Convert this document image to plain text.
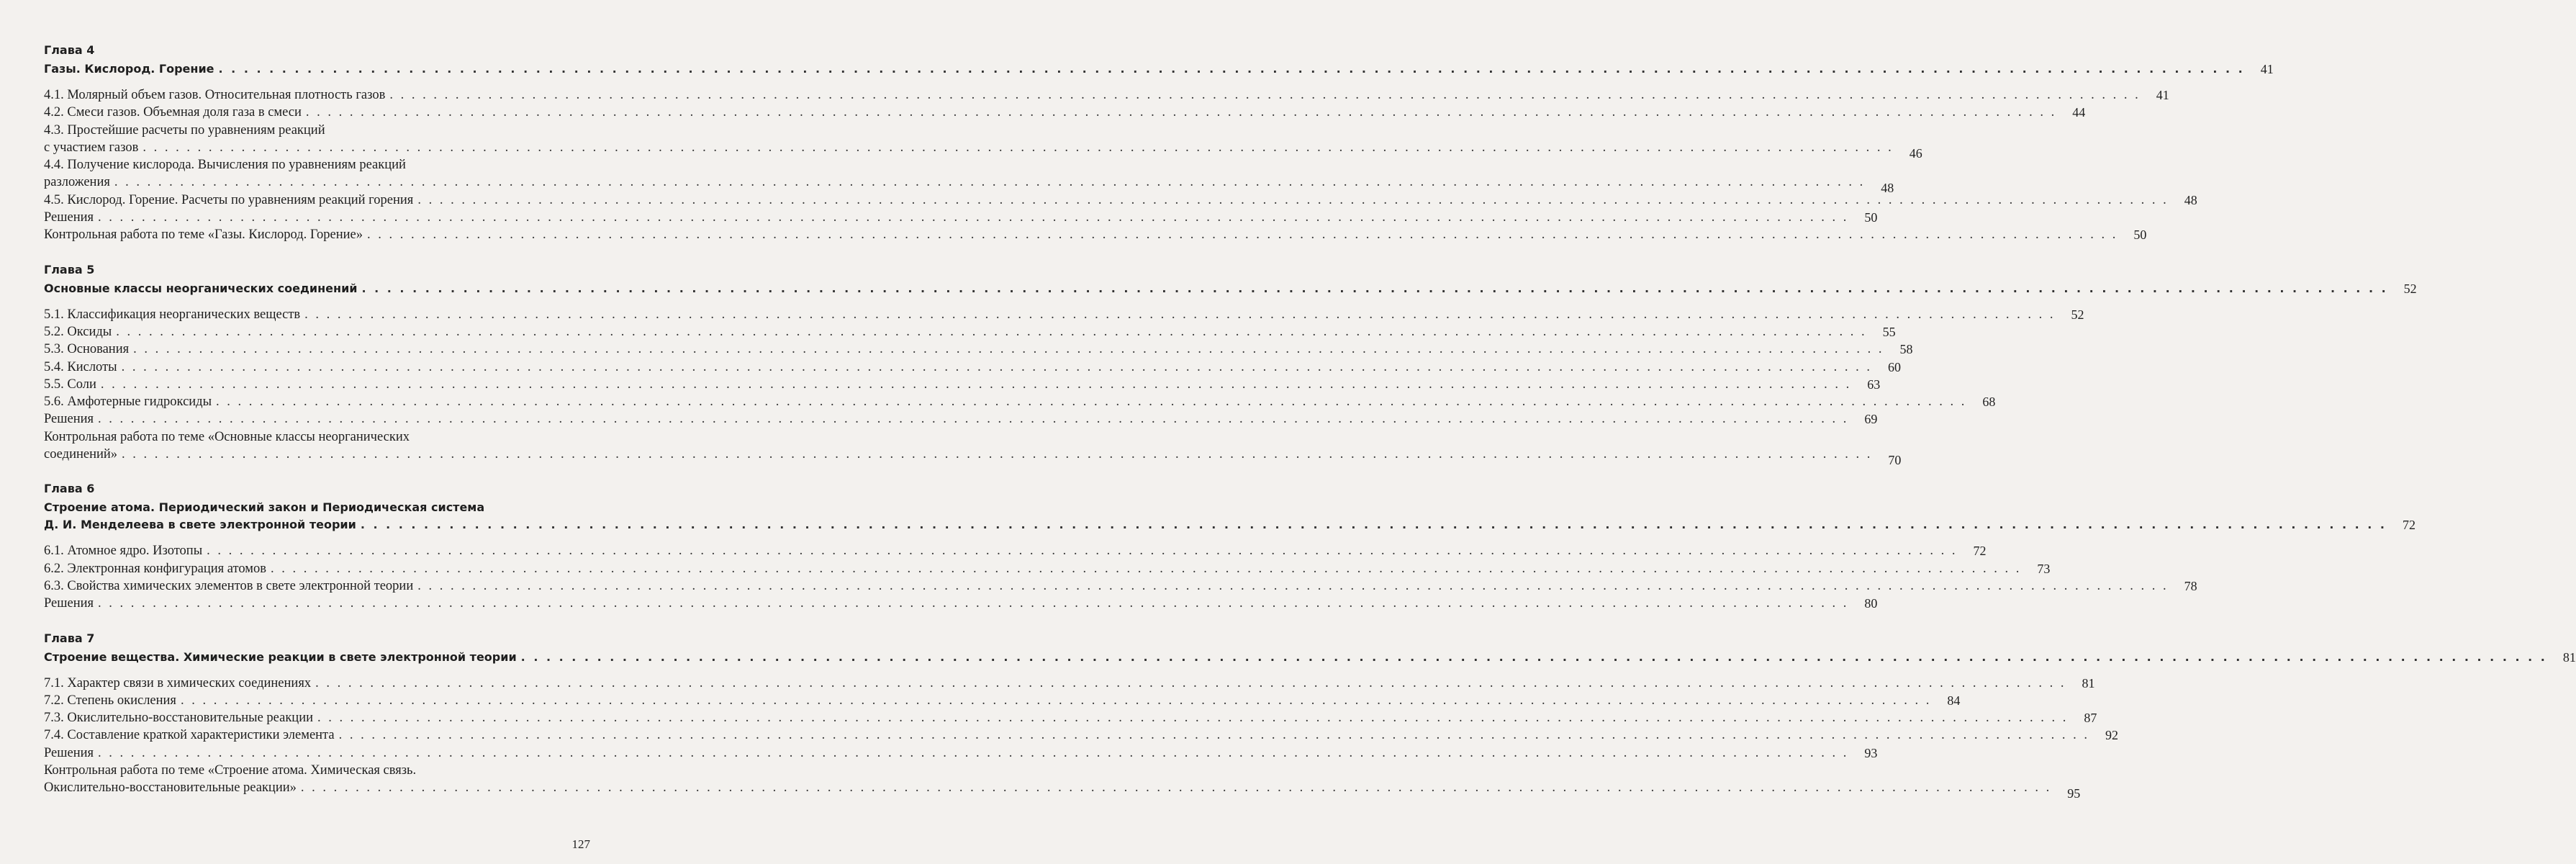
Глава 4
Газы. Кислород. Горение . . . . . . . . . . . . . . . . . . . . . . . . . . . . . . . . . . . . . . . . . . . . . . . . . . . . . . . . . . . . . . . . . . . . . . . . . . . . . . . . . . . . . . . . . . . . . . . . . . . . . . . . . . . . . . . . . . . . . . . . . . . . . . . . . . . . . . . . . . . . . . . . . . . . . . . . . . . . . . . .	41
4.1. Молярный объем газов. Относительная плотность газов . . . . . . . . . . . . . . . . . . . . . . . . . . . . . . . . . . . . . . . . . . . . . . . . . . . . . . . . . . . . . . . . . . . . . . . . . . . . . . . . . . . . . . . . . . . . . . . . . . . . . . . . . . . . . . . . . . . . . . . . . . . . . . . . . . . . . . . . . . . . . . . . . . . . . . . . . . . . . . . .	41
4.2. Смеси газов. Объемная доля газа в смеси . . . . . . . . . . . . . . . . . . . . . . . . . . . . . . . . . . . . . . . . . . . . . . . . . . . . . . . . . . . . . . . . . . . . . . . . . . . . . . . . . . . . . . . . . . . . . . . . . . . . . . . . . . . . . . . . . . . . . . . . . . . . . . . . . . . . . . . . . . . . . . . . . . . . . . . . . . . . . . . .	44
4.3. Простейшие расчеты по уравнениям реакций
с участием газов . . . . . . . . . . . . . . . . . . . . . . . . . . . . . . . . . . . . . . . . . . . . . . . . . . . . . . . . . . . . . . . . . . . . . . . . . . . . . . . . . . . . . . . . . . . . . . . . . . . . . . . . . . . . . . . . . . . . . . . . . . . . . . . . . . . . . . . . . . . . . . . . . . . . . . . . . . . . . . . .	46
4.4. Получение кислорода. Вычисления по уравнениям реакций
разложения . . . . . . . . . . . . . . . . . . . . . . . . . . . . . . . . . . . . . . . . . . . . . . . . . . . . . . . . . . . . . . . . . . . . . . . . . . . . . . . . . . . . . . . . . . . . . . . . . . . . . . . . . . . . . . . . . . . . . . . . . . . . . . . . . . . . . . . . . . . . . . . . . . . . . . . . . . . . . . . .	48
4.5. Кислород. Горение. Расчеты по уравнениям реакций горения . . . . . . . . . . . . . . . . . . . . . . . . . . . . . . . . . . . . . . . . . . . . . . . . . . . . . . . . . . . . . . . . . . . . . . . . . . . . . . . . . . . . . . . . . . . . . . . . . . . . . . . . . . . . . . . . . . . . . . . . . . . . . . . . . . . . . . . . . . . . . . . . . . . . . . . . . . . . . . . .	48
Решения . . . . . . . . . . . . . . . . . . . . . . . . . . . . . . . . . . . . . . . . . . . . . . . . . . . . . . . . . . . . . . . . . . . . . . . . . . . . . . . . . . . . . . . . . . . . . . . . . . . . . . . . . . . . . . . . . . . . . . . . . . . . . . . . . . . . . . . . . . . . . . . . . . . . . . . . . . . . . . . .	50
Контрольная работа по теме «Газы. Кислород. Горение» . . . . . . . . . . . . . . . . . . . . . . . . . . . . . . . . . . . . . . . . . . . . . . . . . . . . . . . . . . . . . . . . . . . . . . . . . . . . . . . . . . . . . . . . . . . . . . . . . . . . . . . . . . . . . . . . . . . . . . . . . . . . . . . . . . . . . . . . . . . . . . . . . . . . . . . . . . . . . . . .	50
Глава 5
Основные классы неорганических соединений . . . . . . . . . . . . . . . . . . . . . . . . . . . . . . . . . . . . . . . . . . . . . . . . . . . . . . . . . . . . . . . . . . . . . . . . . . . . . . . . . . . . . . . . . . . . . . . . . . . . . . . . . . . . . . . . . . . . . . . . . . . . . . . . . . . . . . . . . . . . . . . . . . . . . . . . . . . . . . . .	52
5.1. Классификация неорганических веществ . . . . . . . . . . . . . . . . . . . . . . . . . . . . . . . . . . . . . . . . . . . . . . . . . . . . . . . . . . . . . . . . . . . . . . . . . . . . . . . . . . . . . . . . . . . . . . . . . . . . . . . . . . . . . . . . . . . . . . . . . . . . . . . . . . . . . . . . . . . . . . . . . . . . . . . . . . . . . . . .	52
5.2. Оксиды . . . . . . . . . . . . . . . . . . . . . . . . . . . . . . . . . . . . . . . . . . . . . . . . . . . . . . . . . . . . . . . . . . . . . . . . . . . . . . . . . . . . . . . . . . . . . . . . . . . . . . . . . . . . . . . . . . . . . . . . . . . . . . . . . . . . . . . . . . . . . . . . . . . . . . . . . . . . . . . .	55
5.3. Основания . . . . . . . . . . . . . . . . . . . . . . . . . . . . . . . . . . . . . . . . . . . . . . . . . . . . . . . . . . . . . . . . . . . . . . . . . . . . . . . . . . . . . . . . . . . . . . . . . . . . . . . . . . . . . . . . . . . . . . . . . . . . . . . . . . . . . . . . . . . . . . . . . . . . . . . . . . . . . . . .	58
5.4. Кислоты . . . . . . . . . . . . . . . . . . . . . . . . . . . . . . . . . . . . . . . . . . . . . . . . . . . . . . . . . . . . . . . . . . . . . . . . . . . . . . . . . . . . . . . . . . . . . . . . . . . . . . . . . . . . . . . . . . . . . . . . . . . . . . . . . . . . . . . . . . . . . . . . . . . . . . . . . . . . . . . .	60
5.5. Соли . . . . . . . . . . . . . . . . . . . . . . . . . . . . . . . . . . . . . . . . . . . . . . . . . . . . . . . . . . . . . . . . . . . . . . . . . . . . . . . . . . . . . . . . . . . . . . . . . . . . . . . . . . . . . . . . . . . . . . . . . . . . . . . . . . . . . . . . . . . . . . . . . . . . . . . . . . . . . . . .	63
5.6. Амфотерные гидроксиды . . . . . . . . . . . . . . . . . . . . . . . . . . . . . . . . . . . . . . . . . . . . . . . . . . . . . . . . . . . . . . . . . . . . . . . . . . . . . . . . . . . . . . . . . . . . . . . . . . . . . . . . . . . . . . . . . . . . . . . . . . . . . . . . . . . . . . . . . . . . . . . . . . . . . . . . . . . . . . . .	68
Решения . . . . . . . . . . . . . . . . . . . . . . . . . . . . . . . . . . . . . . . . . . . . . . . . . . . . . . . . . . . . . . . . . . . . . . . . . . . . . . . . . . . . . . . . . . . . . . . . . . . . . . . . . . . . . . . . . . . . . . . . . . . . . . . . . . . . . . . . . . . . . . . . . . . . . . . . . . . . . . . .	69
Контрольная работа по теме «Основные классы неорганических
соединений» . . . . . . . . . . . . . . . . . . . . . . . . . . . . . . . . . . . . . . . . . . . . . . . . . . . . . . . . . . . . . . . . . . . . . . . . . . . . . . . . . . . . . . . . . . . . . . . . . . . . . . . . . . . . . . . . . . . . . . . . . . . . . . . . . . . . . . . . . . . . . . . . . . . . . . . . . . . . . . . .	70
Глава 6
Строение атома. Периодический закон и Периодическая система
Д. И. Менделеева в свете электронной теории . . . . . . . . . . . . . . . . . . . . . . . . . . . . . . . . . . . . . . . . . . . . . . . . . . . . . . . . . . . . . . . . . . . . . . . . . . . . . . . . . . . . . . . . . . . . . . . . . . . . . . . . . . . . . . . . . . . . . . . . . . . . . . . . . . . . . . . . . . . . . . . . . . . . . . . . . . . . . . . .	72
6.1. Атомное ядро. Изотопы . . . . . . . . . . . . . . . . . . . . . . . . . . . . . . . . . . . . . . . . . . . . . . . . . . . . . . . . . . . . . . . . . . . . . . . . . . . . . . . . . . . . . . . . . . . . . . . . . . . . . . . . . . . . . . . . . . . . . . . . . . . . . . . . . . . . . . . . . . . . . . . . . . . . . . . . . . . . . . . .	72
6.2. Электронная конфигурация атомов . . . . . . . . . . . . . . . . . . . . . . . . . . . . . . . . . . . . . . . . . . . . . . . . . . . . . . . . . . . . . . . . . . . . . . . . . . . . . . . . . . . . . . . . . . . . . . . . . . . . . . . . . . . . . . . . . . . . . . . . . . . . . . . . . . . . . . . . . . . . . . . . . . . . . . . . . . . . . . . .	73
6.3. Свойства химических элементов в свете электронной теории . . . . . . . . . . . . . . . . . . . . . . . . . . . . . . . . . . . . . . . . . . . . . . . . . . . . . . . . . . . . . . . . . . . . . . . . . . . . . . . . . . . . . . . . . . . . . . . . . . . . . . . . . . . . . . . . . . . . . . . . . . . . . . . . . . . . . . . . . . . . . . . . . . . . . . . . . . . . . . . .	78
Решения . . . . . . . . . . . . . . . . . . . . . . . . . . . . . . . . . . . . . . . . . . . . . . . . . . . . . . . . . . . . . . . . . . . . . . . . . . . . . . . . . . . . . . . . . . . . . . . . . . . . . . . . . . . . . . . . . . . . . . . . . . . . . . . . . . . . . . . . . . . . . . . . . . . . . . . . . . . . . . . .	80
Глава 7
Строение вещества. Химические реакции в свете электронной теории . . . . . . . . . . . . . . . . . . . . . . . . . . . . . . . . . . . . . . . . . . . . . . . . . . . . . . . . . . . . . . . . . . . . . . . . . . . . . . . . . . . . . . . . . . . . . . . . . . . . . . . . . . . . . . . . . . . . . . . . . . . . . . . . . . . . . . . . . . . . . . . . . . . . . . . . . . . . . . . .	81
7.1. Характер связи в химических соединениях . . . . . . . . . . . . . . . . . . . . . . . . . . . . . . . . . . . . . . . . . . . . . . . . . . . . . . . . . . . . . . . . . . . . . . . . . . . . . . . . . . . . . . . . . . . . . . . . . . . . . . . . . . . . . . . . . . . . . . . . . . . . . . . . . . . . . . . . . . . . . . . . . . . . . . . . . . . . . . . .	81
7.2. Степень окисления . . . . . . . . . . . . . . . . . . . . . . . . . . . . . . . . . . . . . . . . . . . . . . . . . . . . . . . . . . . . . . . . . . . . . . . . . . . . . . . . . . . . . . . . . . . . . . . . . . . . . . . . . . . . . . . . . . . . . . . . . . . . . . . . . . . . . . . . . . . . . . . . . . . . . . . . . . . . . . . .	84
7.3. Окислительно-восстановительные реакции . . . . . . . . . . . . . . . . . . . . . . . . . . . . . . . . . . . . . . . . . . . . . . . . . . . . . . . . . . . . . . . . . . . . . . . . . . . . . . . . . . . . . . . . . . . . . . . . . . . . . . . . . . . . . . . . . . . . . . . . . . . . . . . . . . . . . . . . . . . . . . . . . . . . . . . . . . . . . . . .	87
7.4. Составление краткой характеристики элемента . . . . . . . . . . . . . . . . . . . . . . . . . . . . . . . . . . . . . . . . . . . . . . . . . . . . . . . . . . . . . . . . . . . . . . . . . . . . . . . . . . . . . . . . . . . . . . . . . . . . . . . . . . . . . . . . . . . . . . . . . . . . . . . . . . . . . . . . . . . . . . . . . . . . . . . . . . . . . . . .	92
Решения . . . . . . . . . . . . . . . . . . . . . . . . . . . . . . . . . . . . . . . . . . . . . . . . . . . . . . . . . . . . . . . . . . . . . . . . . . . . . . . . . . . . . . . . . . . . . . . . . . . . . . . . . . . . . . . . . . . . . . . . . . . . . . . . . . . . . . . . . . . . . . . . . . . . . . . . . . . . . . . .	93
Контрольная работа по теме «Строение атома. Химическая связь.
Окислительно-восстановительные реакции» . . . . . . . . . . . . . . . . . . . . . . . . . . . . . . . . . . . . . . . . . . . . . . . . . . . . . . . . . . . . . . . . . . . . . . . . . . . . . . . . . . . . . . . . . . . . . . . . . . . . . . . . . . . . . . . . . . . . . . . . . . . . . . . . . . . . . . . . . . . . . . . . . . . . . . . . . . . . . . . .	95
127
